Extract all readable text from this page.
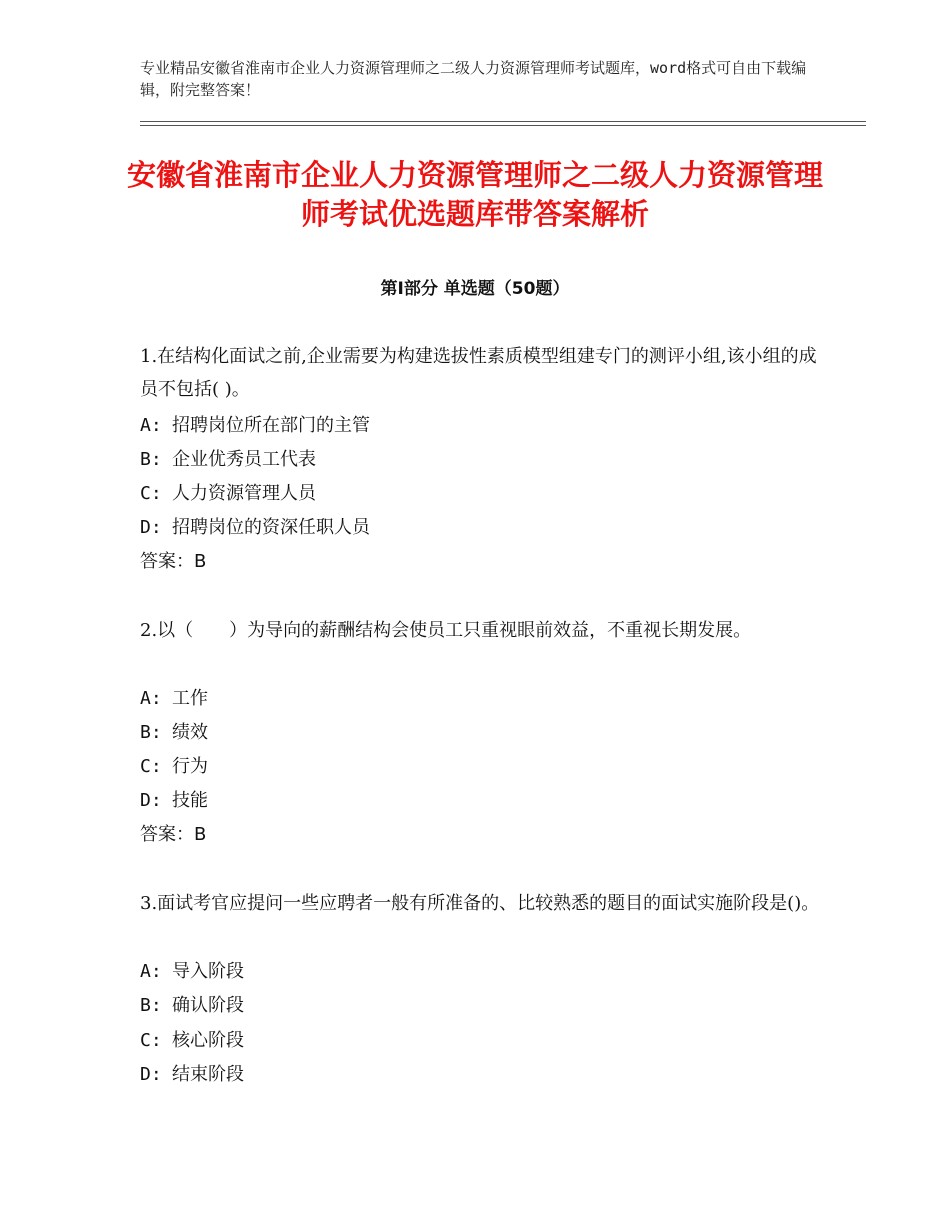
专业精品安徽省淮南市企业人力资源管理师之二级人力资源管理师考试题库，word格式可自由下载编辑，附完整答案！
安徽省淮南市企业人力资源管理师之二级人力资源管理师考试优选题库带答案解析
第Ⅰ部分 单选题（50题）
1.在结构化面试之前,企业需要为构建选拔性素质模型组建专门的测评小组,该小组的成员不包括( )。
A: 招聘岗位所在部门的主管
B: 企业优秀员工代表
C: 人力资源管理人员
D: 招聘岗位的资深任职人员
答案：B
2.以（　　）为导向的薪酬结构会使员工只重视眼前效益，不重视长期发展。
A: 工作
B: 绩效
C: 行为
D: 技能
答案：B
3.面试考官应提问一些应聘者一般有所准备的、比较熟悉的题目的面试实施阶段是()。
A: 导入阶段
B: 确认阶段
C: 核心阶段
D: 结束阶段
